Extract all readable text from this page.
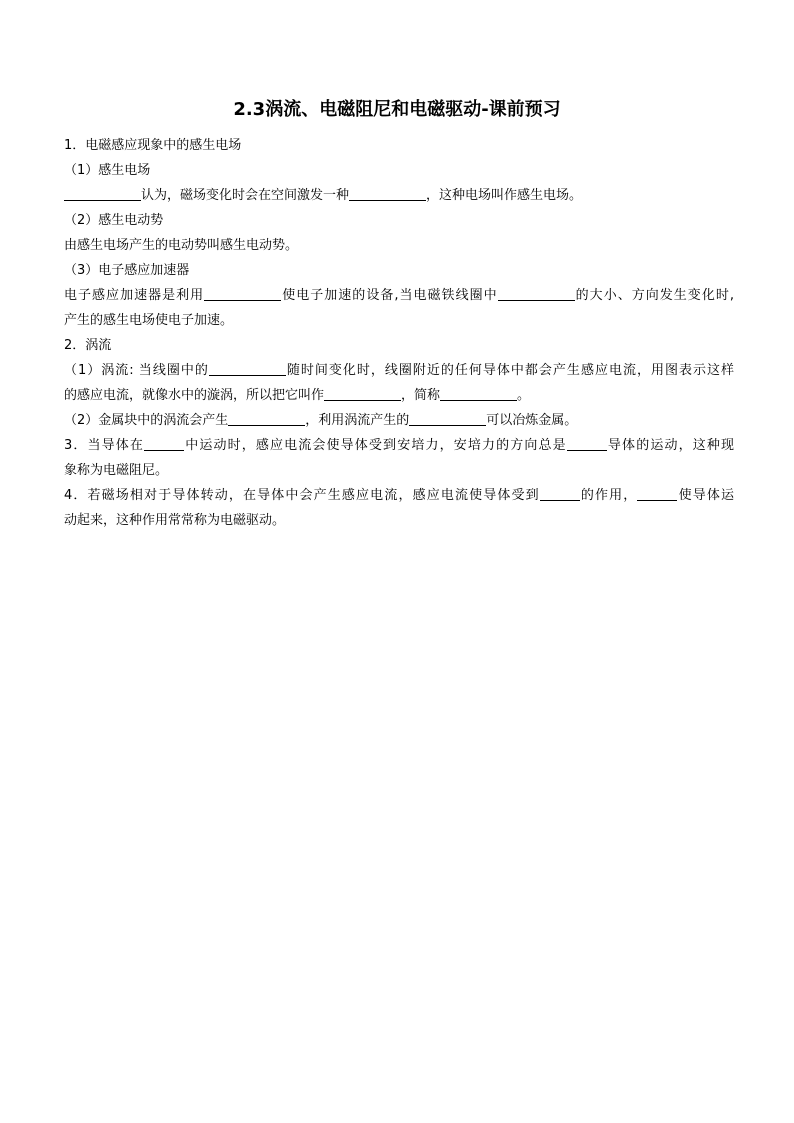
2.3涡流、电磁阻尼和电磁驱动-课前预习
1．电磁感应现象中的感生电场
（1）感生电场
认为，磁场变化时会在空间激发一种	，这种电场叫作感生电场。
（2）感生电动势
由感生电场产生的电动势叫感生电动势。
（3）电子感应加速器
电子感应加速器是利用	使电子加速的设备,当电磁铁线圈中	的大小、方向发生变化时,
产生的感生电场使电子加速。
2．涡流
（1）涡流: 当线圈中的	随时间变化时，线圈附近的任何导体中都会产生感应电流，用图表示这样
的感应电流，就像水中的漩涡，所以把它叫作	，简称	。
（2）金属块中的涡流会产生	，利用涡流产生的	可以冶炼金属。
3．当导体在	中运动时，感应电流会使导体受到安培力，安培力的方向总是	导体的运动，这种现
象称为电磁阻尼。
4．若磁场相对于导体转动，在导体中会产生感应电流，感应电流使导体受到	的作用，	使导体运
动起来，这种作用常常称为电磁驱动。
